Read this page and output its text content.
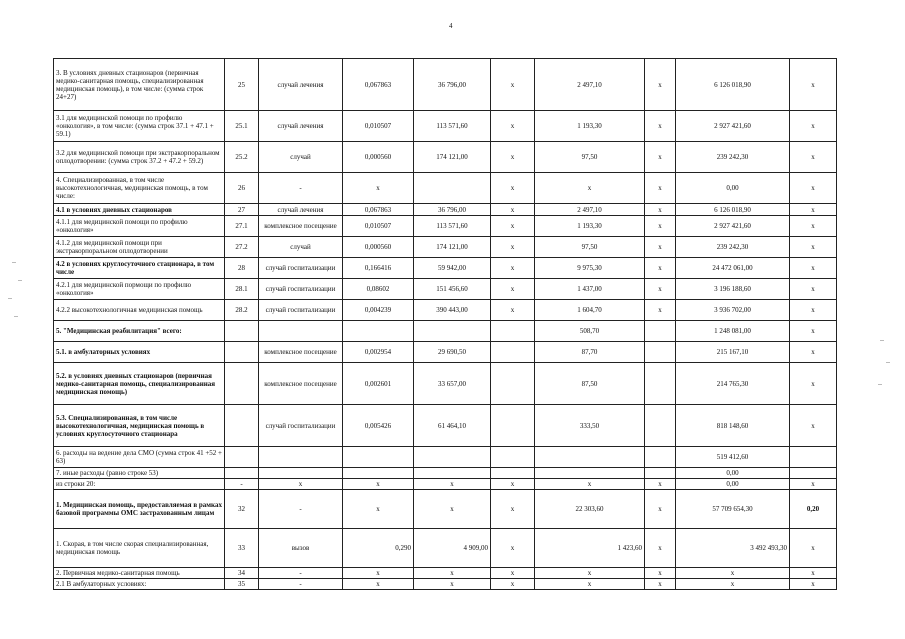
4
3. В условиях дневных стационаров (первичная медико-санитарная помощь, специализированная медицинская помощь), в том числе: (сумма строк 24+27)	25	случай лечения	0,067863	36 796,00	x	2 497,10	x	6 126 018,90	x
3.1 для медицинской помощи по профилю «онкология», в том числе: (сумма строк 37.1 + 47.1 + 59.1)	25.1	случай лечения	0,010507	113 571,60	x	1 193,30	x	2 927 421,60	x
3.2 для медицинской помощи при экстракорпоральном оплодотворении: (сумма строк 37.2 + 47.2 + 59.2)	25.2	случай	0,000560	174 121,00	x	97,50	x	239 242,30	x
4. Специализированная, в том числе высокотехнологичная, медицинская помощь, в том числе:	26	-	x		x	x	x	0,00	x
4.1 в условиях дневных стационаров	27	случай лечения	0,067863	36 796,00	x	2 497,10	x	6 126 018,90	x
4.1.1 для медицинской помощи по профилю «онкология»	27.1	комплексное посещение	0,010507	113 571,60	x	1 193,30	x	2 927 421,60	x
4.1.2 для медицинской помощи при экстракорпоральном оплодотворении	27.2	случай	0,000560	174 121,00	x	97,50	x	239 242,30	x
4.2 в условиях круглосуточного стационара, в том числе	28	случай госпитализации	0,166416	59 942,00	x	9 975,30	x	24 472 061,00	x
4.2.1 для медицинской пормощи по профилю «онкология»	28.1	случай госпитализации	0,08602	151 456,60	x	1 437,00	x	3 196 188,60	x
4.2.2 высокотехнологичная медицинская помощь	28.2	случай госпитализации	0,004239	390 443,00	x	1 604,70	x	3 936 702,00	x
5. "Медицинская реабилитация" всего:						508,70		1 248 081,00	x
5.1. в амбулаторных условиях		комплексное посещение	0,002954	29 690,50		87,70		215 167,10	x
5.2. в условиях дневных стационаров (первичная медико-санитарная помощь, специализированная медицинская помощь)		комплексное посещение	0,002601	33 657,00		87,50		214 765,30	x
5.3. Специализированная, в том числе высокотехнологичная, медицинская помощь в условиях круглосуточного стационара		случай госпитализации	0,005426	61 464,10		333,50		818 148,60	x
6. расходы на ведение дела СМО (сумма строк 41 +52 + 63)								519 412,60	
7. иные расходы (равно строке 53)								0,00	
из строки 20:	-	x	x	x	x	x	x	0,00	x
1. Медицинская помощь, предоставляемая в рамках базовой программы ОМС застрахованным лицам	32	-	x	x	x	22 303,60	x	57 709 654,30	0,20
1. Скорая, в том числе скорая специализированная, медицинская помощь	33	вызов	0,290	4 909,00	x	1 423,60	x	3 492 493,30	x
2. Первичная медико-санитарная помощь	34	-	x	x	x	x	x	x	x
2.1 В амбулаторных условиях:	35	-	x	x	x	x	x	x	x
